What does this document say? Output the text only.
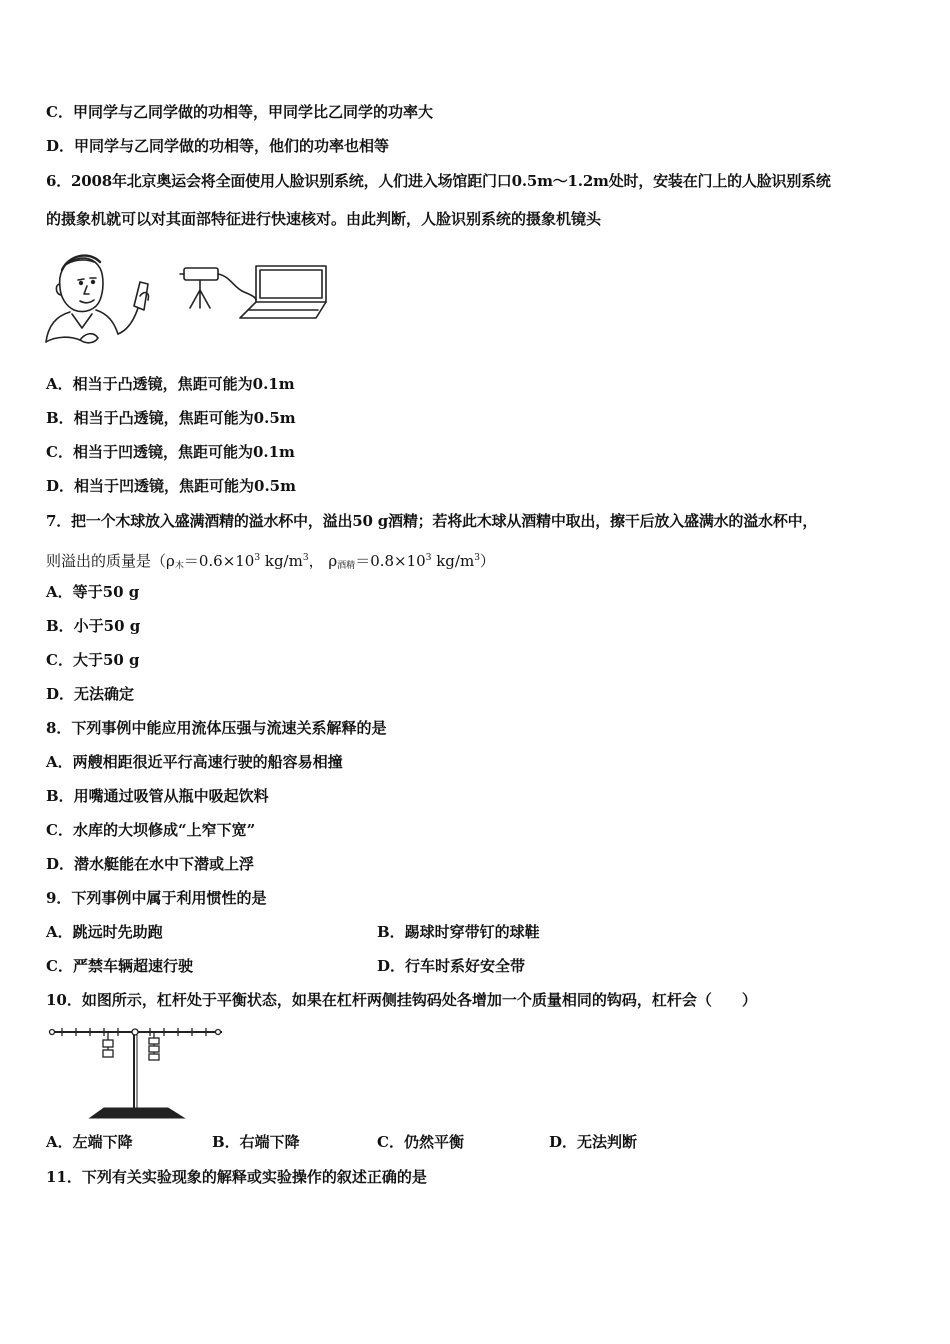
C．甲同学与乙同学做的功相等，甲同学比乙同学的功率大
D．甲同学与乙同学做的功相等，他们的功率也相等
6．2008年北京奥运会将全面使用人脸识别系统，人们进入场馆距门口0.5m～1.2m处时，安装在门上的人脸识别系统
的摄象机就可以对其面部特征进行快速核对。由此判断，人脸识别系统的摄象机镜头
A．相当于凸透镜，焦距可能为0.1m
B．相当于凸透镜，焦距可能为0.5m
C．相当于凹透镜，焦距可能为0.1m
D．相当于凹透镜，焦距可能为0.5m
7．把一个木球放入盛满酒精的溢水杯中，溢出50 g酒精；若将此木球从酒精中取出，擦干后放入盛满水的溢水杯中，
则溢出的质量是（$\rho_木=0.6\times 10^3$ $kg/m^3$， $\rho_{酒精}=0.8\times 10^3$ $kg/m^3$）
A．等于50 g
B．小于50 g
C．大于50 g
D．无法确定
8．下列事例中能应用流体压强与流速关系解释的是
A．两艘相距很近平行高速行驶的船容易相撞
B．用嘴通过吸管从瓶中吸起饮料
C．水库的大坝修成“上窄下宽”
D．潜水艇能在水中下潜或上浮
9．下列事例中属于利用惯性的是
A．跳远时先助跑	B．踢球时穿带钉的球鞋
C．严禁车辆超速行驶	D．行车时系好安全带
10．如图所示，杠杆处于平衡状态，如果在杠杆两侧挂钩码处各增加一个质量相同的钩码，杠杆会（　　）
A．左端下降	B．右端下降	C．仍然平衡	D．无法判断
11．下列有关实验现象的解释或实验操作的叙述正确的是
